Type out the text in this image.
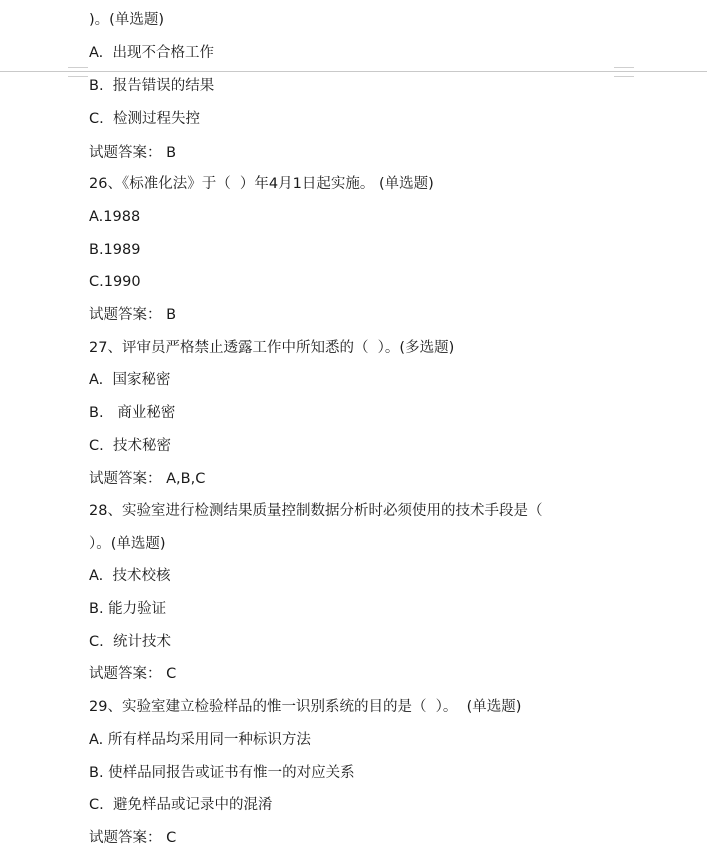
)。(单选题)
A.  出现不合格工作
B.  报告错误的结果
C.  检测过程失控
试题答案： B
26、《标准化法》于（  ）年4月1日起实施。 (单选题)
A.1988
B.1989
C.1990
试题答案： B
27、评审员严格禁止透露工作中所知悉的（  ）。(多选题)
A.  国家秘密
B.   商业秘密
C.  技术秘密
试题答案： A,B,C
28、实验室进行检测结果质量控制数据分析时必须使用的技术手段是（
）。(单选题)
A.  技术校核
B. 能力验证
C.  统计技术
试题答案： C
29、实验室建立检验样品的惟一识别系统的目的是（  ）。  (单选题)
A. 所有样品均采用同一种标识方法
B. 使样品同报告或证书有惟一的对应关系
C.  避免样品或记录中的混淆
试题答案： C
